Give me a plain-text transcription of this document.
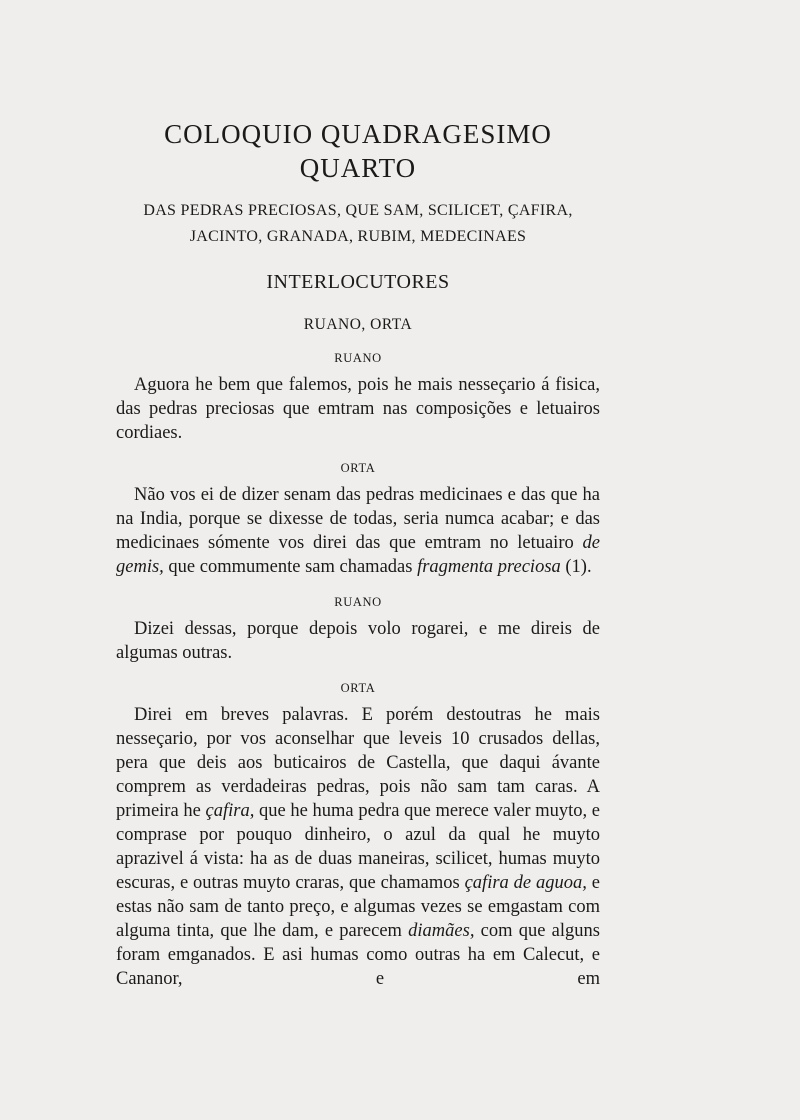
COLOQUIO QUADRAGESIMO QUARTO
DAS PEDRAS PRECIOSAS, QUE SAM, SCILICET, ÇAFIRA,
JACINTO, GRANADA, RUBIM, MEDECINAES
INTERLOCUTORES
RUANO, ORTA
RUANO

Aguora he bem que falemos, pois he mais nesseçario á fisica, das pedras preciosas que emtram nas composições e letuairos cordiaes.

ORTA

Não vos ei de dizer senam das pedras medicinaes e das que ha na India, porque se dixesse de todas, seria numca acabar; e das medicinaes sómente vos direi das que emtram no letuairo de gemis, que commumente sam chamadas fragmenta preciosa (1).

RUANO

Dizei dessas, porque depois volo rogarei, e me direis de algumas outras.

ORTA

Direi em breves palavras. E porém destoutras he mais nesseçario, por vos aconselhar que leveis 10 crusados dellas, pera que deis aos buticairos de Castella, que daqui ávante comprem as verdadeiras pedras, pois não sam tam caras. A primeira he çafira, que he huma pedra que merece valer muyto, e comprase por pouquo dinheiro, o azul da qual he muyto aprazivel á vista: ha as de duas maneiras, scilicet, humas muyto escuras, e outras muyto craras, que chamamos çafira de aguoa, e estas não sam de tanto preço, e algumas vezes se emgastam com alguma tinta, que lhe dam, e parecem diamães, com que alguns foram emganados. E asi humas como outras ha em Calecut, e Cananor, e em
